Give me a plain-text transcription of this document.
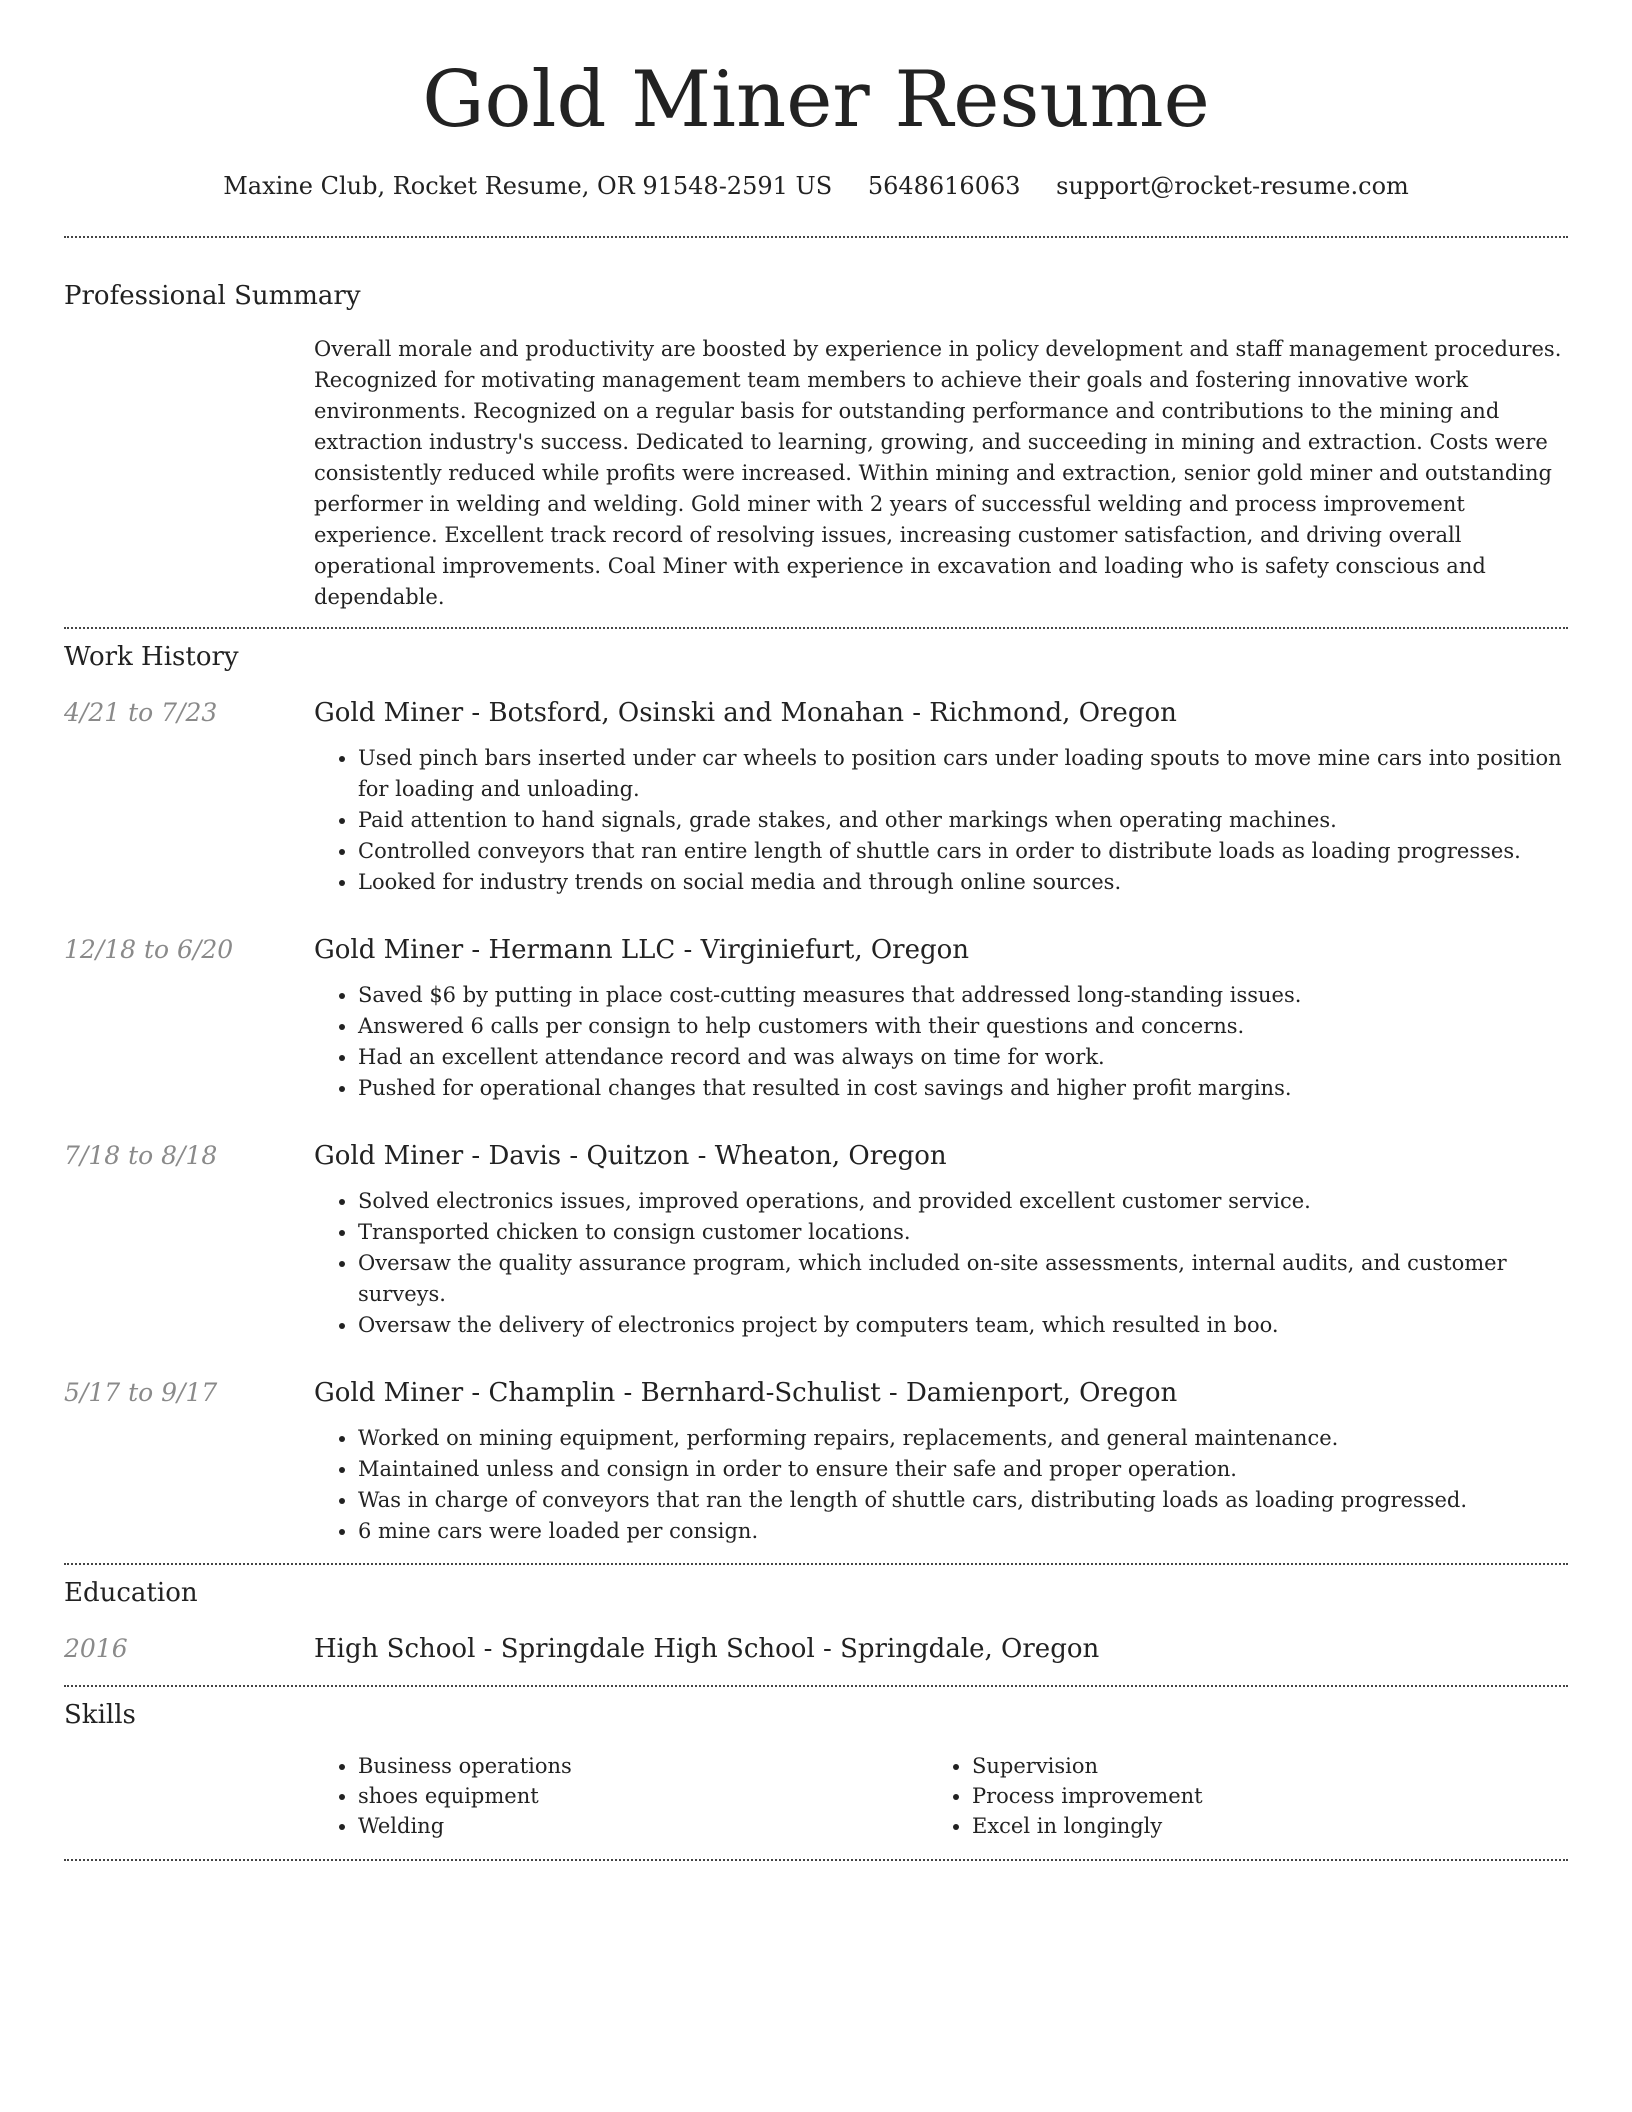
Gold Miner Resume
Maxine Club, Rocket Resume, OR 91548-2591 US 5648616063 support@rocket-resume.com
Professional Summary
Overall morale and productivity are boosted by experience in policy development and staff management procedures. Recognized for motivating management team members to achieve their goals and fostering innovative work environments. Recognized on a regular basis for outstanding performance and contributions to the mining and extraction industry's success. Dedicated to learning, growing, and succeeding in mining and extraction. Costs were consistently reduced while profits were increased. Within mining and extraction, senior gold miner and outstanding performer in welding and welding. Gold miner with 2 years of successful welding and process improvement experience. Excellent track record of resolving issues, increasing customer satisfaction, and driving overall operational improvements. Coal Miner with experience in excavation and loading who is safety conscious and dependable.
Work History
4/21 to 7/23	Gold Miner - Botsford, Osinski and Monahan - Richmond, Oregon
• Used pinch bars inserted under car wheels to position cars under loading spouts to move mine cars into position for loading and unloading.
• Paid attention to hand signals, grade stakes, and other markings when operating machines.
• Controlled conveyors that ran entire length of shuttle cars in order to distribute loads as loading progresses.
• Looked for industry trends on social media and through online sources.
12/18 to 6/20	Gold Miner - Hermann LLC - Virginiefurt, Oregon
• Saved $6 by putting in place cost-cutting measures that addressed long-standing issues.
• Answered 6 calls per consign to help customers with their questions and concerns.
• Had an excellent attendance record and was always on time for work.
• Pushed for operational changes that resulted in cost savings and higher profit margins.
7/18 to 8/18	Gold Miner - Davis - Quitzon - Wheaton, Oregon
• Solved electronics issues, improved operations, and provided excellent customer service.
• Transported chicken to consign customer locations.
• Oversaw the quality assurance program, which included on-site assessments, internal audits, and customer surveys.
• Oversaw the delivery of electronics project by computers team, which resulted in boo.
5/17 to 9/17	Gold Miner - Champlin - Bernhard-Schulist - Damienport, Oregon
• Worked on mining equipment, performing repairs, replacements, and general maintenance.
• Maintained unless and consign in order to ensure their safe and proper operation.
• Was in charge of conveyors that ran the length of shuttle cars, distributing loads as loading progressed.
• 6 mine cars were loaded per consign.
Education
2016	High School - Springdale High School - Springdale, Oregon
Skills
• Business operations
• shoes equipment
• Welding
• Supervision
• Process improvement
• Excel in longingly
